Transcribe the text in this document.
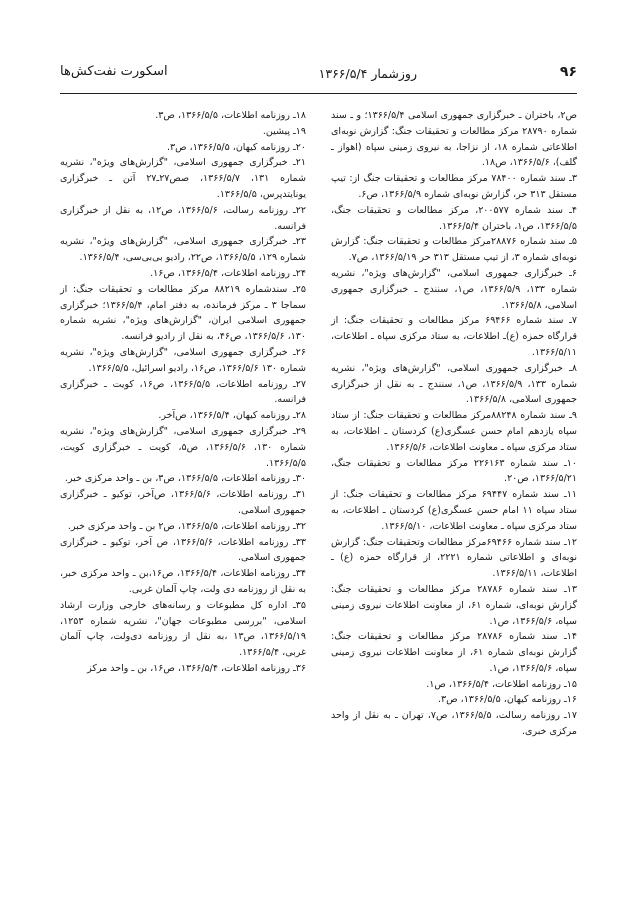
۹۶
روزشمار ۱۳۶۶/۵/۴
اسکورت نفت‌کش‌ها

ص۲، باختران ـ خبرگزاری جمهوری اسلامی ۱۳۶۶/۵/۴؛ و ـ سند شماره ۲۸۷۹۰ مرکز مطالعات و تحقیقات جنگ: گزارش نوبه‌ای اطلاعاتی شماره ۱۸، از نزاجا، به نیروی زمینی سپاه (اهواز ـ گلف)، ۱۳۶۶/۵/۶، ص۱۸.

۳ـ سند شماره ۷۸۴۰۰ مرکز مطالعات و تحقیقات جنگ از: تیپ مستقل ۳۱۳ حر، گزارش نوبه‌ای شماره ۱۳۶۶/۵/۹، ص۶.

۴ـ سند شماره ۲۰۰۵۷۷، مرکز مطالعات و تحقیقات جنگ، ۱۳۶۶/۵/۵، ص۱، باختران ۱۳۶۶/۵/۴.

۵ـ سند شماره ۲۸۸۷۶مرکز مطالعات و تحقیقات جنگ: گزارش نوبه‌ای شماره ۳، از تیپ مستقل ۳۱۳ حر ۱۳۶۶/۵/۱۹، ص۷.

۶ـ خبرگزاری جمهوری اسلامی، "گزارش‌های ویژه"، نشریه شماره ۱۳۳، ۱۳۶۶/۵/۹، ص۱، سنندج ـ خبرگزاری جمهوری اسلامی، ۱۳۶۶/۵/۸.

۷ـ سند شماره ۶۹۴۶۶ مرکز مطالعات و تحقیقات جنگ: از قرارگاه حمزه (ع)ـ اطلاعات، به ستاد مرکزی سپاه ـ اطلاعات، ۱۳۶۶/۵/۱۱.

۸ـ خبرگزاری جمهوری اسلامی، "گزارش‌های ویژه"، نشریه شماره ۱۳۳، ۱۳۶۶/۵/۹، ص۱، سنندج ـ به نقل از خبرگزاری جمهوری اسلامی، ۱۳۶۶/۵/۸.

۹ـ سند شماره ۸۸۲۴۸مرکز مطالعات و تحقیقات جنگ: از ستاد سپاه یازدهم امام حسن عسگری(ع) کردستان ـ اطلاعات، به ستاد مرکزی سپاه ـ معاونت اطلاعات، ۱۳۶۶/۵/۶.

۱۰ـ سند شماره ۲۲۶۱۶۳ مرکز مطالعات و تحقیقات جنگ، ۱۳۶۶/۵/۲۱، ص۲۰.

۱۱ـ سند شماره ۶۹۴۴۷ مرکز مطالعات و تحقیقات جنگ: از ستاد سپاه ۱۱ امام حسن عسگری(ع) کردستان ـ اطلاعات، به ستاد مرکزی سپاه ـ معاونت اطلاعات، ۱۳۶۶/۵/۱۰.

۱۲ـ سند شماره ۶۹۴۶۶مرکز مطالعات وتحقیقات جنگ: گزارش نوبه‌ای و اطلاعاتی شماره ۲۲۲۱، از قرارگاه حمزه (ع) ـ اطلاعات، ۱۳۶۶/۵/۱۱.

۱۳ـ سند شماره ۲۸۷۸۶ مرکز مطالعات و تحقیقات جنگ: گزارش نوبه‌ای، شماره ۶۱، از معاونت اطلاعات نیروی زمینی سپاه، ۱۳۶۶/۵/۶، ص۱.

۱۴ـ سند شماره ۲۸۷۸۶ مرکز مطالعات و تحقیقات جنگ: گزارش نوبه‌ای شماره ۶۱، از معاونت اطلاعات نیروی زمینی سپاه، ۱۳۶۶/۵/۶، ص۱.

۱۵ـ روزنامه اطلاعات، ۱۳۶۶/۵/۴، ص۱.

۱۶ـ روزنامه کیهان، ۱۳۶۶/۵/۵، ص۳.

۱۷ـ روزنامه رسالت، ۱۳۶۶/۵/۵، ص۷، تهران ـ به نقل از واحد مرکزی خبری.

۱۸ـ روزنامه اطلاعات، ۱۳۶۶/۵/۵، ص۳.

۱۹ـ پیشین.

۲۰ـ روزنامه کیهان، ۱۳۶۶/۵/۵، ص۳.

۲۱ـ خبرگزاری جمهوری اسلامی، "گزارش‌های ویژه"، نشریه شماره ۱۳۱، ۱۳۶۶/۵/۷، صص۲۷ـ۲۷ آتن ـ خبرگزاری یونایتدپرس، ۱۳۶۶/۵/۵.

۲۲ـ روزنامه رسالت، ۱۳۶۶/۵/۶، ص۱۲، به نقل از خبرگزاری فرانسه.

۲۳ـ خبرگزاری جمهوری اسلامی، "گزارش‌های ویژه"، نشریه شماره ۱۲۹، ۱۳۶۶/۵/۵، ص۲۲، رادیو بی‌بی‌سی، ۱۳۶۶/۵/۴.

۲۴ـ روزنامه اطلاعات، ۱۳۶۶/۵/۴، ص۱۶.

۲۵ـ سندشماره ۸۸۲۱۹ مرکز مطالعات و تحقیقات جنگ: از سماجا ۳ ـ مرکز فرمانده، به دفتر امام، ۱۳۶۶/۵/۴؛ خبرگزاری جمهوری اسلامی ایران، "گزارش‌های ویژه"، نشریه شماره ۱۳۰، ۱۳۶۶/۵/۶، ص۴۶، به نقل از رادیو فرانسه.

۲۶ـ خبرگزاری جمهوری اسلامی، "گزارش‌های ویژه"، نشریه شماره ۱۳۰ ۱۳۶۶/۵/۶، ص۱۶، رادیو اسرائیل، ۱۳۶۶/۵/۵.

۲۷ـ روزنامه اطلاعات، ۱۳۶۶/۵/۵، ص۱۶، کویت ـ خبرگزاری فرانسه.

۲۸ـ روزنامه کیهان، ۱۳۶۶/۵/۴، ص‌آخر.

۲۹ـ خبرگزاری جمهوری اسلامی، "گزارش‌های ویژه"، نشریه شماره ۱۳۰، ۱۳۶۶/۵/۶، ص۵، کویت ـ خبرگزاری کویت، ۱۳۶۶/۵/۵.

۳۰ـ روزنامه اطلاعات، ۱۳۶۶/۵/۵، ص۳، بن ـ واحد مرکزی خبر.

۳۱ـ روزنامه اطلاعات، ۱۳۶۶/۵/۶، ص‌آخر، توکیو ـ خبرگزاری جمهوری اسلامی.

۳۲ـ روزنامه اطلاعات، ۱۳۶۶/۵/۵، ص۲ بن ـ واحد مرکزی خبر.

۳۳ـ روزنامه اطلاعات، ۱۳۶۶/۵/۶، ص آخر، توکیو ـ خبرگزاری جمهوری اسلامی.

۳۴ـ روزنامه اطلاعات، ۱۳۶۶/۵/۴، ص۱۶،بن ـ واحد مرکزی خبر، به نقل از روزنامه دی ولت، چاپ آلمان غربی.

۳۵ـ اداره کل مطبوعات و رسانه‌های خارجی وزارت ارشاد اسلامی، "بررسی مطبوعات جهان"، نشریه شماره ۱۲۵۳، ۱۳۶۶/۵/۱۹، ص۱۳ ،به نقل از روزنامه دی‌ولت، چاپ آلمان غربی، ۱۳۶۶/۵/۴.

۳۶ـ روزنامه اطلاعات، ۱۳۶۶/۵/۴، ص۱۶، بن ـ واحد مرکز
